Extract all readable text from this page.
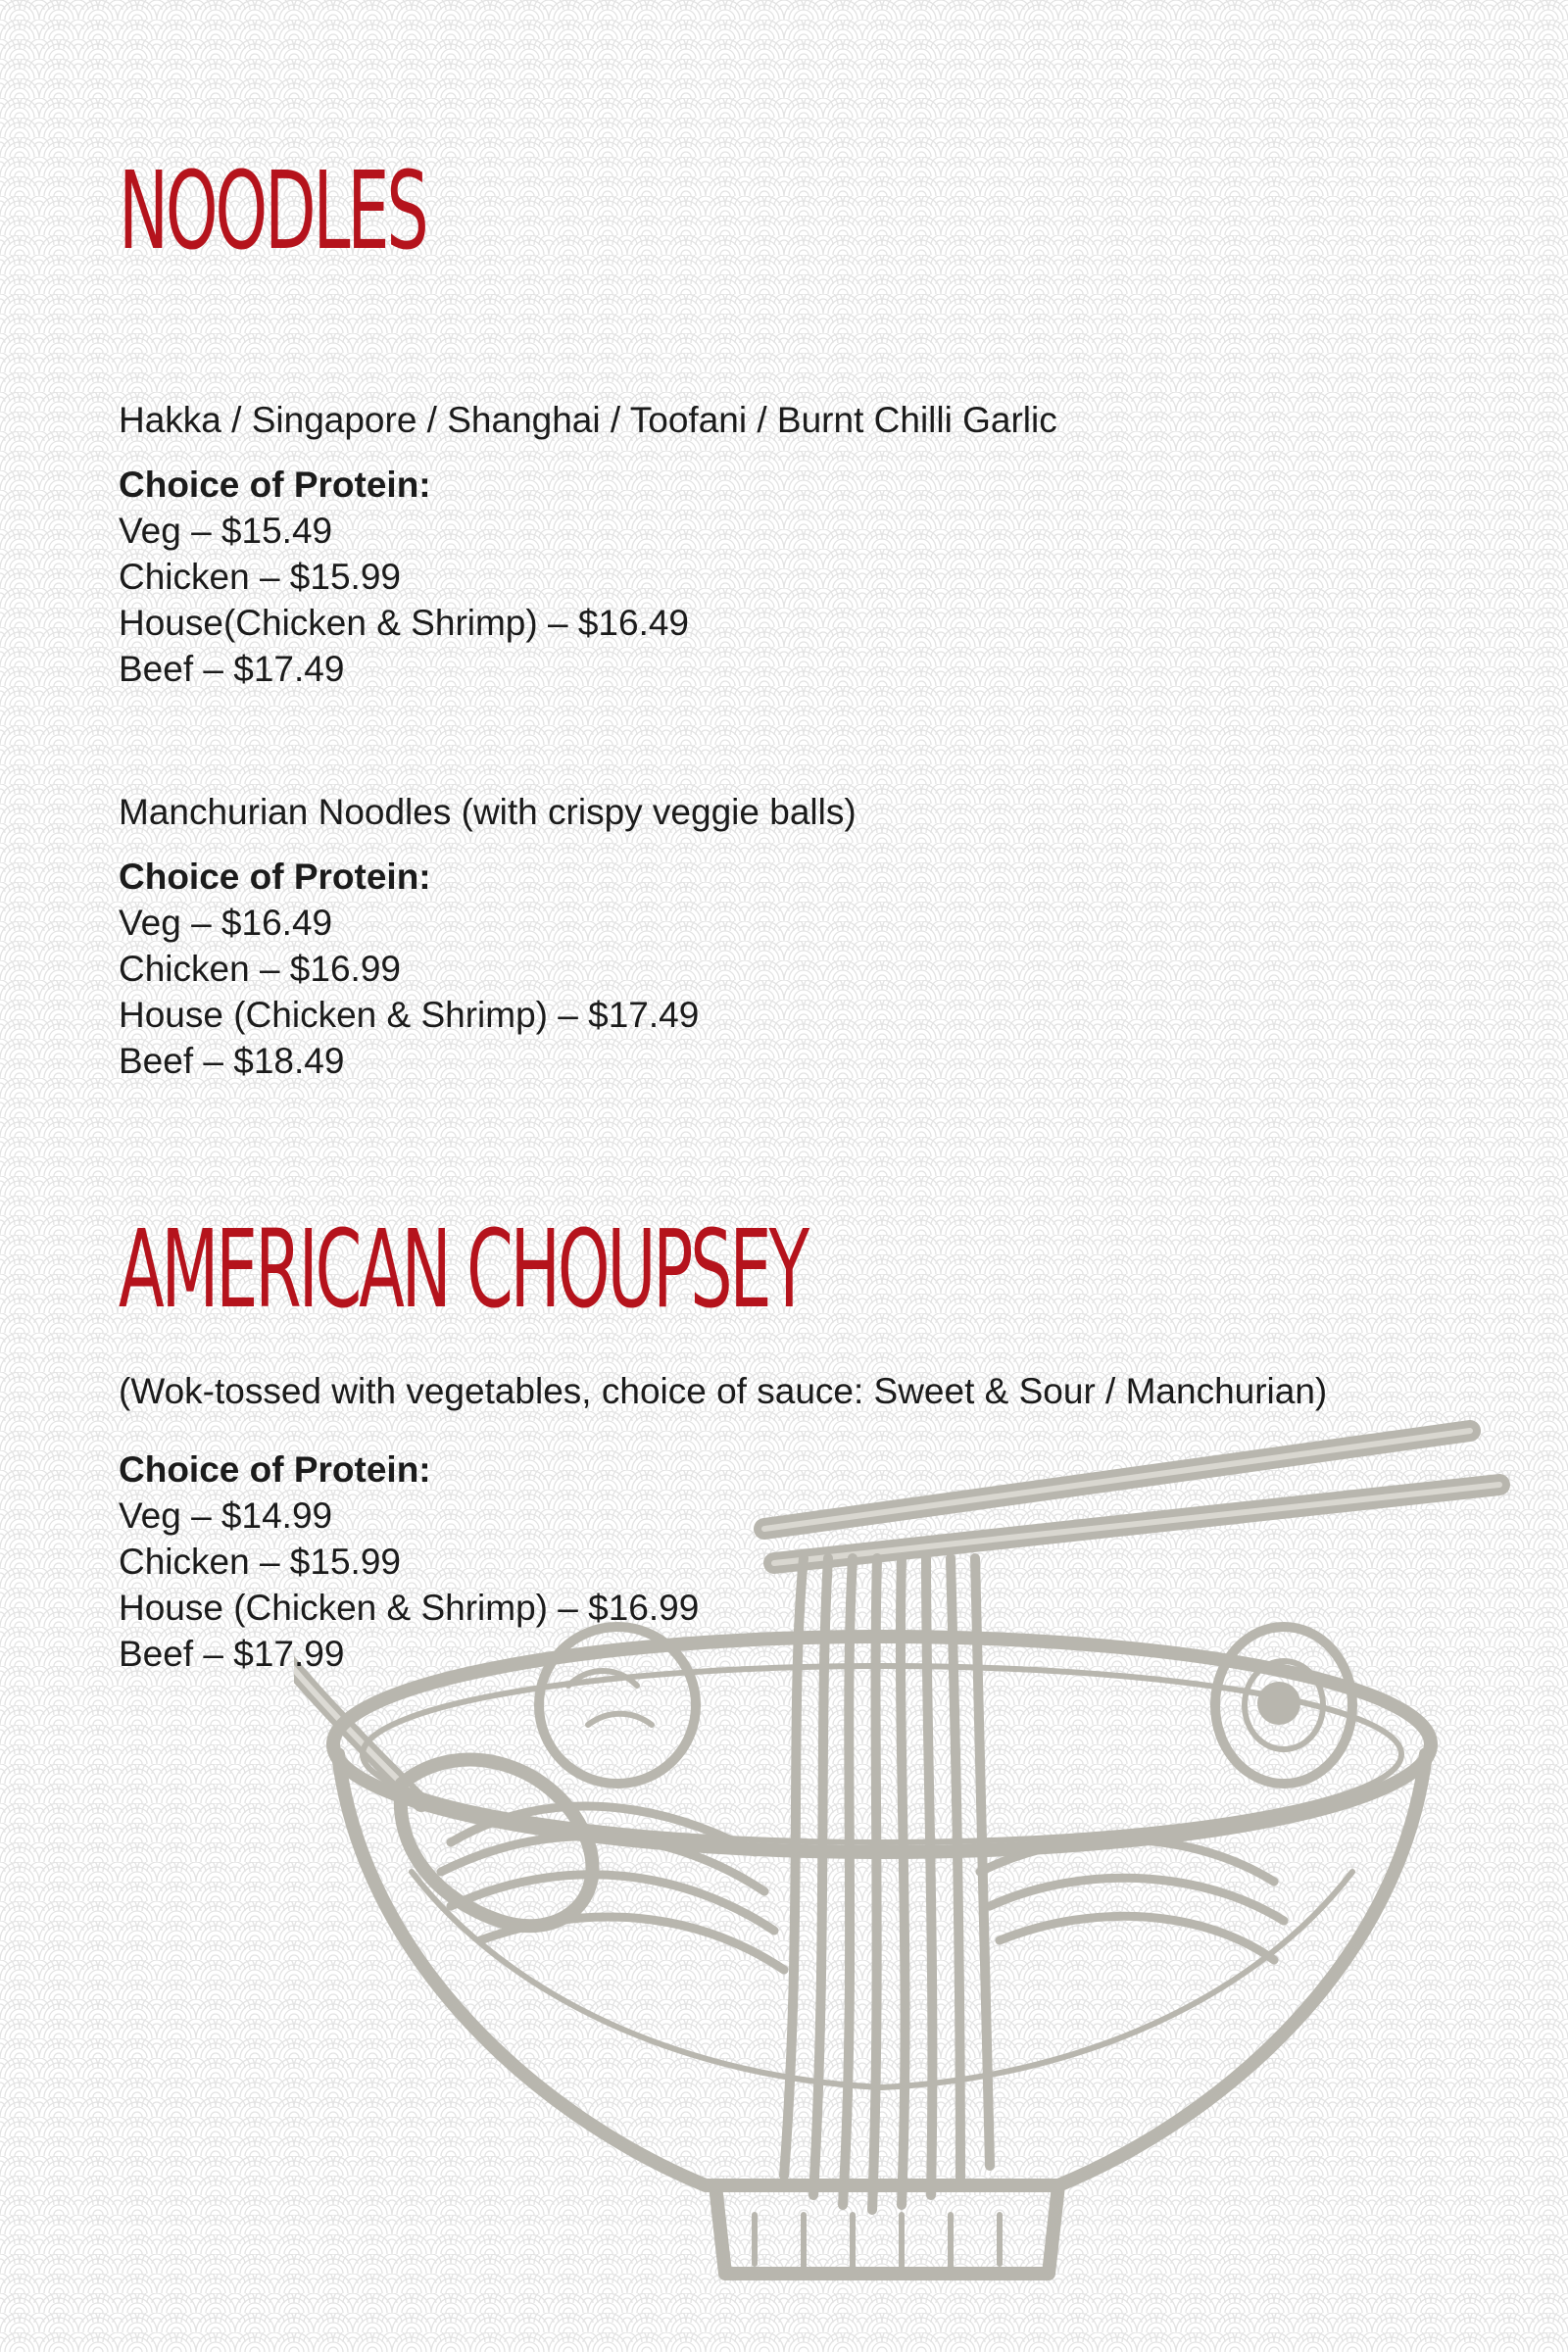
NOODLES
Hakka / Singapore / Shanghai / Toofani / Burnt Chilli Garlic
Choice of Protein:
Veg – $15.49
Chicken – $15.99
House(Chicken & Shrimp) – $16.49
Beef – $17.49
Manchurian Noodles (with crispy veggie balls)
Choice of Protein:
Veg – $16.49
Chicken – $16.99
House (Chicken & Shrimp) – $17.49
Beef – $18.49
AMERICAN CHOUPSEY
(Wok-tossed with vegetables, choice of sauce: Sweet & Sour / Manchurian)
Choice of Protein:
Veg – $14.99
Chicken – $15.99
House (Chicken & Shrimp) – $16.99
Beef – $17.99
